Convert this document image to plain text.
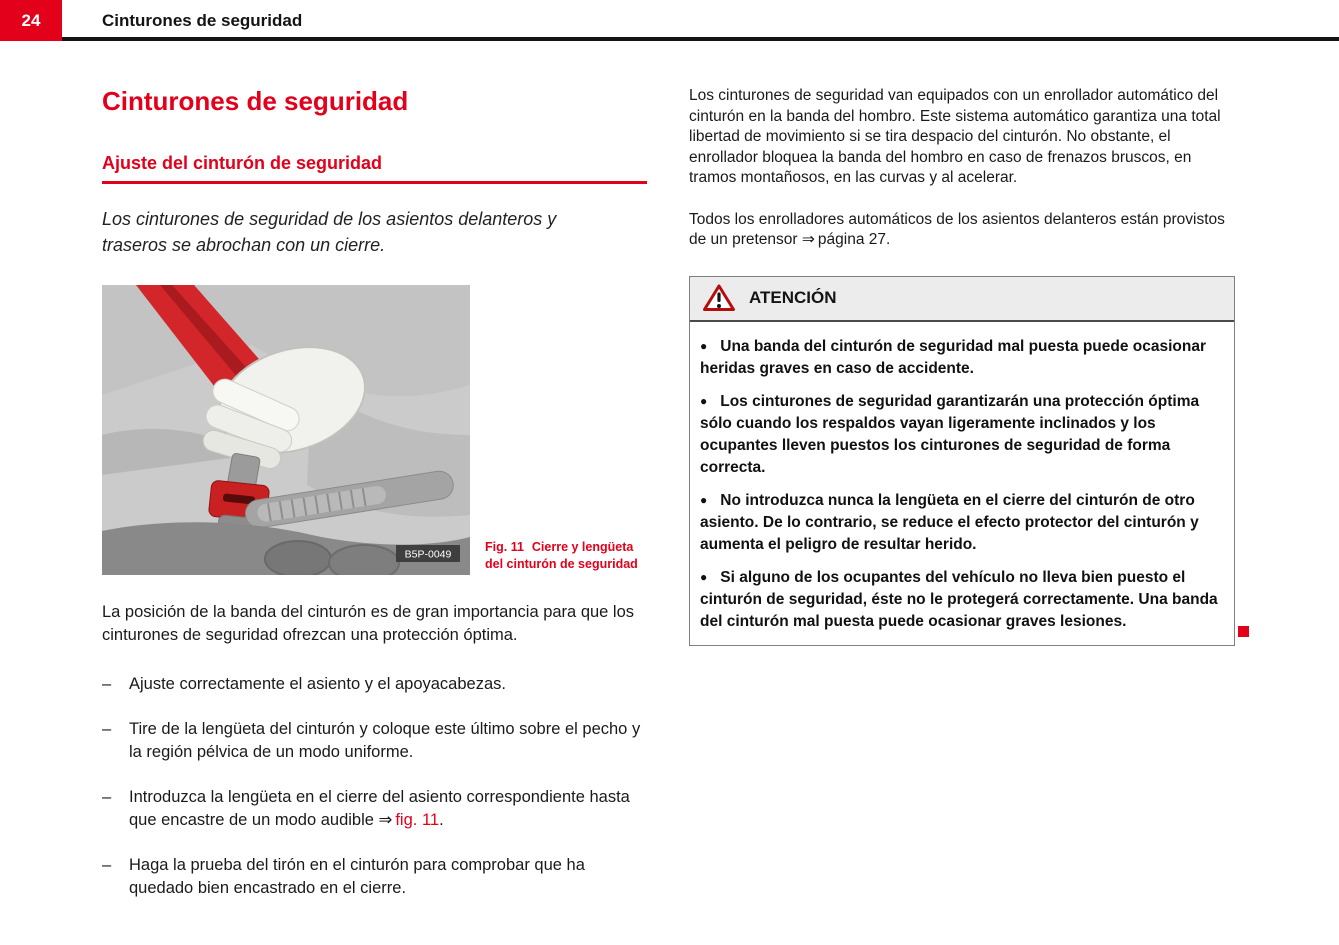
24	Cinturones de seguridad
Cinturones de seguridad
Ajuste del cinturón de seguridad

Los cinturones de seguridad de los asientos delanteros y traseros se abrochan con un cierre.

B5P-0049
Fig. 11 Cierre y lengüeta del cinturón de seguridad

La posición de la banda del cinturón es de gran importancia para que los cinturones de seguridad ofrezcan una protección óptima.

– Ajuste correctamente el asiento y el apoyacabezas.
– Tire de la lengüeta del cinturón y coloque este último sobre el pecho y la región pélvica de un modo uniforme.
– Introduzca la lengüeta en el cierre del asiento correspondiente hasta que encastre de un modo audible ⇒ fig. 11.
– Haga la prueba del tirón en el cinturón para comprobar que ha quedado bien encastrado en el cierre.

Los cinturones de seguridad van equipados con un enrollador automático del cinturón en la banda del hombro. Este sistema automático garantiza una total libertad de movimiento si se tira despacio del cinturón. No obstante, el enrollador bloquea la banda del hombro en caso de frenazos bruscos, en tramos montañosos, en las curvas y al acelerar.

Todos los enrolladores automáticos de los asientos delanteros están provistos de un pretensor ⇒ página 27.

ATENCIÓN

● Una banda del cinturón de seguridad mal puesta puede ocasionar heridas graves en caso de accidente.

● Los cinturones de seguridad garantizarán una protección óptima sólo cuando los respaldos vayan ligeramente inclinados y los ocupantes lleven puestos los cinturones de seguridad de forma correcta.

● No introduzca nunca la lengüeta en el cierre del cinturón de otro asiento. De lo contrario, se reduce el efecto protector del cinturón y aumenta el peligro de resultar herido.

● Si alguno de los ocupantes del vehículo no lleva bien puesto el cinturón de seguridad, éste no le protegerá correctamente. Una banda del cinturón mal puesta puede ocasionar graves lesiones.
